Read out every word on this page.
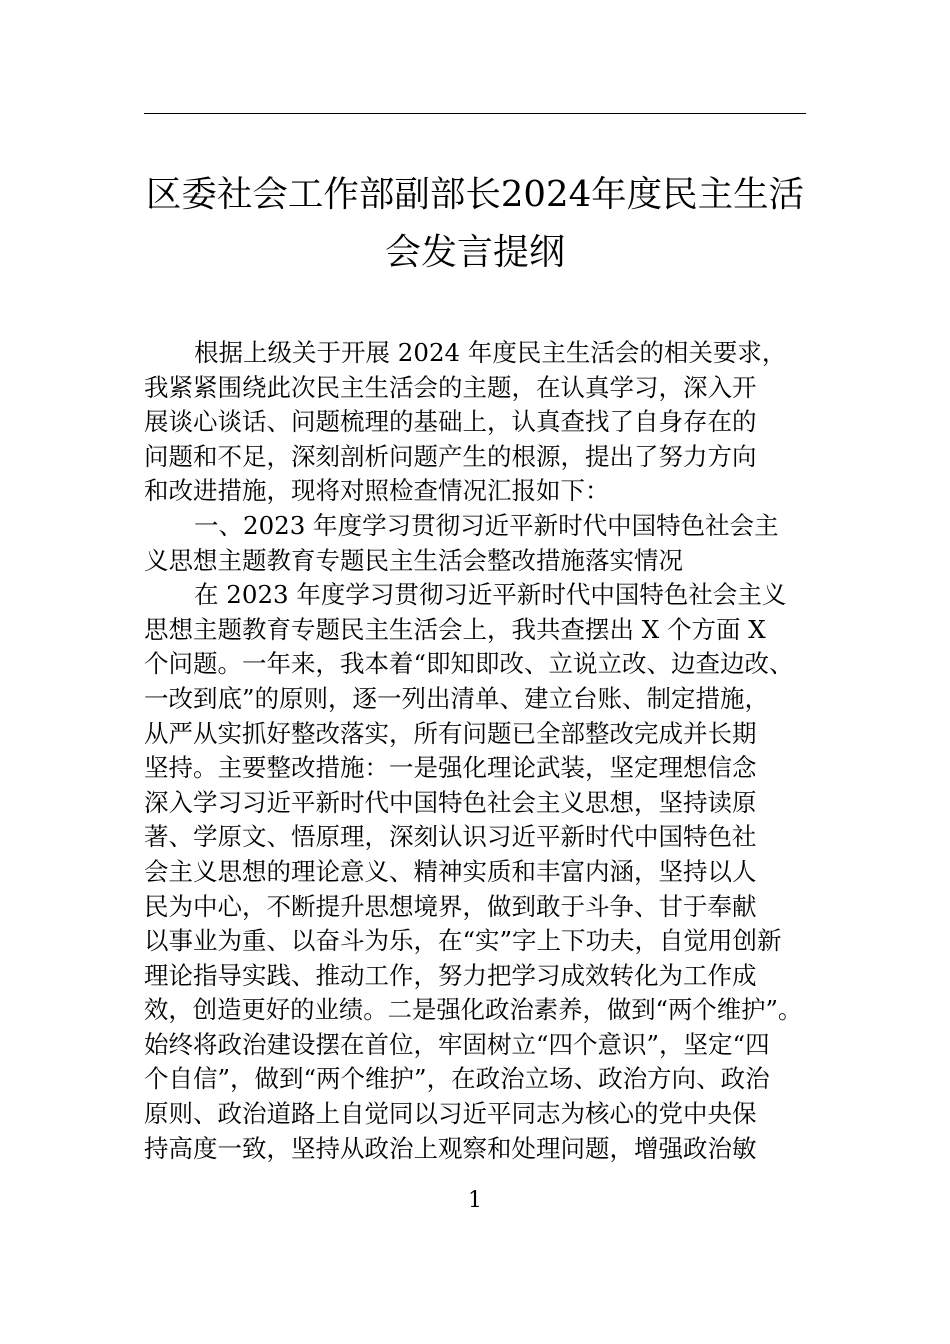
区委社会工作部副部长2024年度民主生活
会发言提纲
根据上级关于开展 2024 年度民主生活会的相关要求，
我紧紧围绕此次民主生活会的主题，在认真学习，深入开
展谈心谈话、问题梳理的基础上，认真查找了自身存在的
问题和不足，深刻剖析问题产生的根源，提出了努力方向
和改进措施，现将对照检查情况汇报如下：
一、2023 年度学习贯彻习近平新时代中国特色社会主
义思想主题教育专题民主生活会整改措施落实情况
在 2023 年度学习贯彻习近平新时代中国特色社会主义
思想主题教育专题民主生活会上，我共查摆出 X 个方面 X
个问题。一年来，我本着“即知即改、立说立改、边查边改、
一改到底”的原则，逐一列出清单、建立台账、制定措施，
从严从实抓好整改落实，所有问题已全部整改完成并长期
坚持。主要整改措施：一是强化理论武装，坚定理想信念
深入学习习近平新时代中国特色社会主义思想，坚持读原
著、学原文、悟原理，深刻认识习近平新时代中国特色社
会主义思想的理论意义、精神实质和丰富内涵，坚持以人
民为中心，不断提升思想境界，做到敢于斗争、甘于奉献
以事业为重、以奋斗为乐，在“实”字上下功夫，自觉用创新
理论指导实践、推动工作，努力把学习成效转化为工作成
效，创造更好的业绩。二是强化政治素养，做到“两个维护”。
始终将政治建设摆在首位，牢固树立“四个意识”，坚定“四
个自信”，做到“两个维护”，在政治立场、政治方向、政治
原则、政治道路上自觉同以习近平同志为核心的党中央保
持高度一致，坚持从政治上观察和处理问题，增强政治敏
1
